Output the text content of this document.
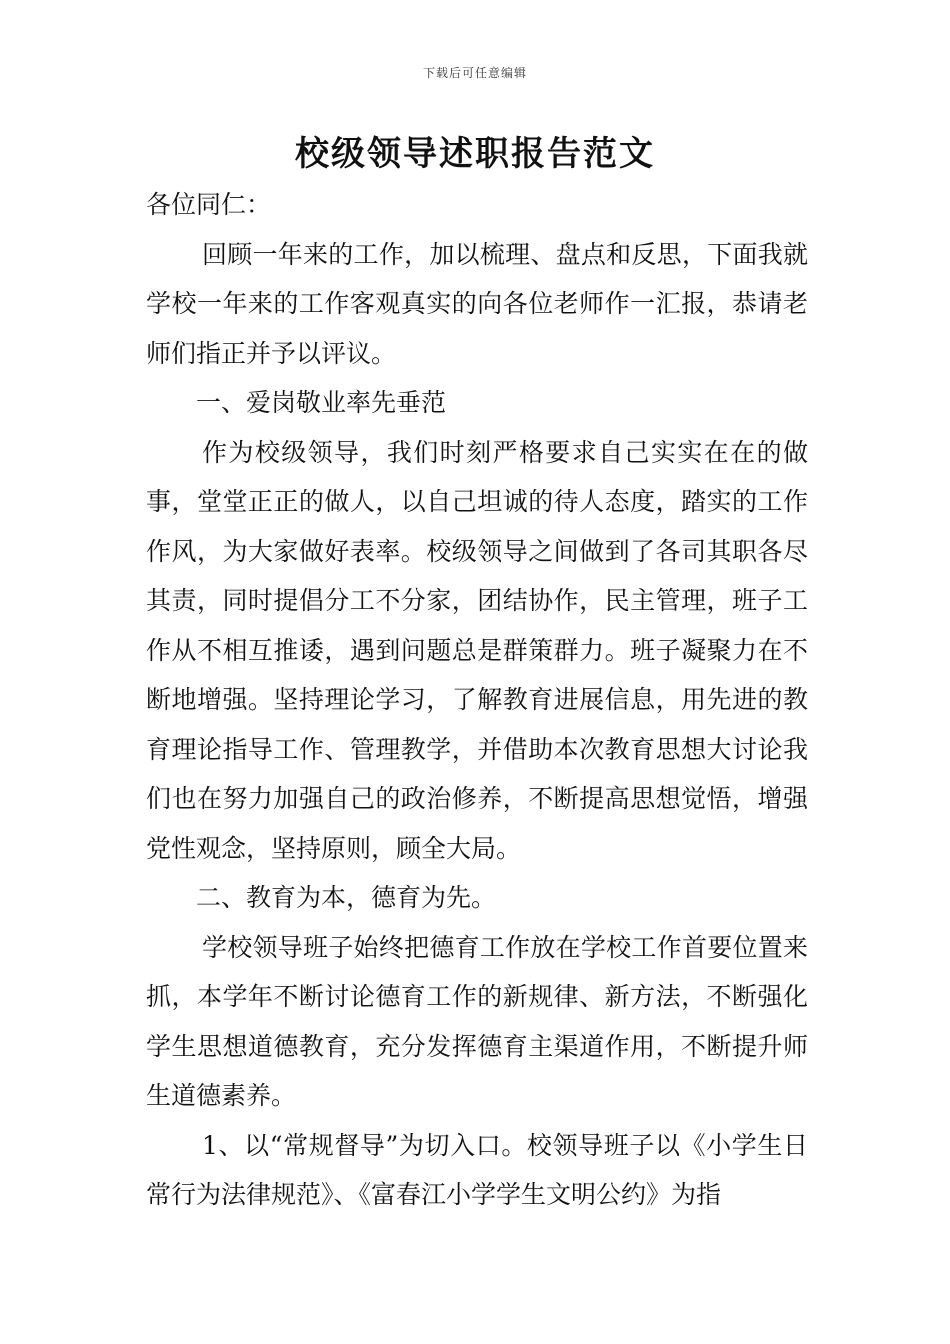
下载后可任意编辑
校级领导述职报告范文

各位同仁：

回顾一年来的工作，加以梳理、盘点和反思，下面我就学校一年来的工作客观真实的向各位老师作一汇报，恭请老师们指正并予以评议。

一、爱岗敬业率先垂范

作为校级领导，我们时刻严格要求自己实实在在的做事，堂堂正正的做人，以自己坦诚的待人态度，踏实的工作作风，为大家做好表率。校级领导之间做到了各司其职各尽其责，同时提倡分工不分家，团结协作，民主管理，班子工作从不相互推诿，遇到问题总是群策群力。班子凝聚力在不断地增强。坚持理论学习，了解教育进展信息，用先进的教育理论指导工作、管理教学，并借助本次教育思想大讨论我们也在努力加强自己的政治修养，不断提高思想觉悟，增强党性观念，坚持原则，顾全大局。

二、教育为本，德育为先。

学校领导班子始终把德育工作放在学校工作首要位置来抓，本学年不断讨论德育工作的新规律、新方法，不断强化学生思想道德教育，充分发挥德育主渠道作用，不断提升师生道德素养。

1、以“常规督导”为切入口。校领导班子以《小学生日常行为法律规范》、《富春江小学学生文明公约》为指
